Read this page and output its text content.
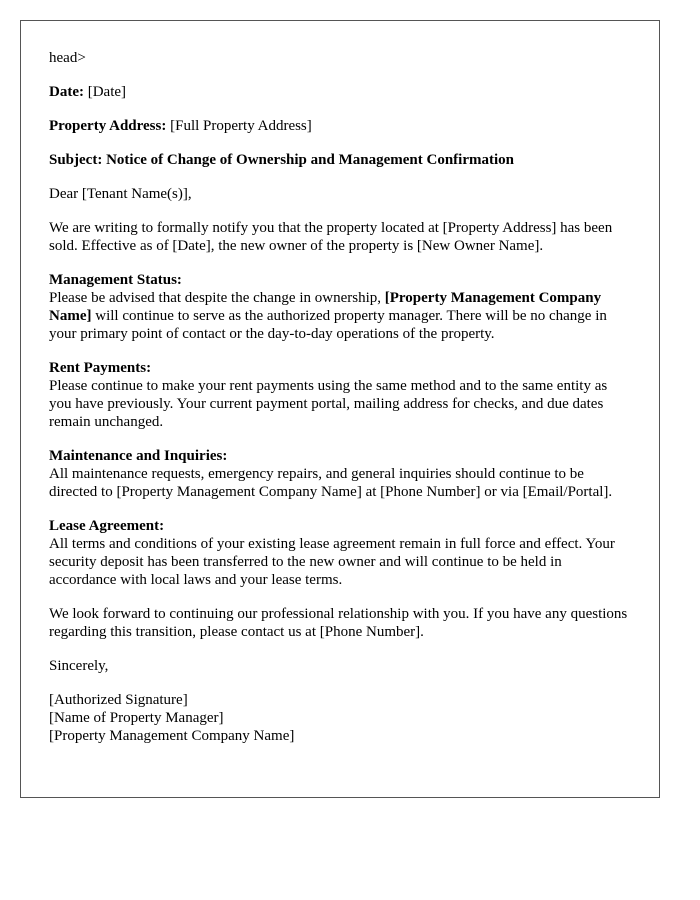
head>

Date: [Date]

Property Address: [Full Property Address]

Subject: Notice of Change of Ownership and Management Confirmation

Dear [Tenant Name(s)],

We are writing to formally notify you that the property located at [Property Address] has been sold. Effective as of [Date], the new owner of the property is [New Owner Name].

Management Status:
Please be advised that despite the change in ownership, [Property Management Company Name] will continue to serve as the authorized property manager. There will be no change in your primary point of contact or the day-to-day operations of the property.
Rent Payments:
Please continue to make your rent payments using the same method and to the same entity as you have previously. Your current payment portal, mailing address for checks, and due dates remain unchanged.
Maintenance and Inquiries:
All maintenance requests, emergency repairs, and general inquiries should continue to be directed to [Property Management Company Name] at [Phone Number] or via [Email/Portal].
Lease Agreement:
All terms and conditions of your existing lease agreement remain in full force and effect. Your security deposit has been transferred to the new owner and will continue to be held in accordance with local laws and your lease terms.

We look forward to continuing our professional relationship with you. If you have any questions regarding this transition, please contact us at [Phone Number].

Sincerely,

[Authorized Signature]
[Name of Property Manager]
[Property Management Company Name]
